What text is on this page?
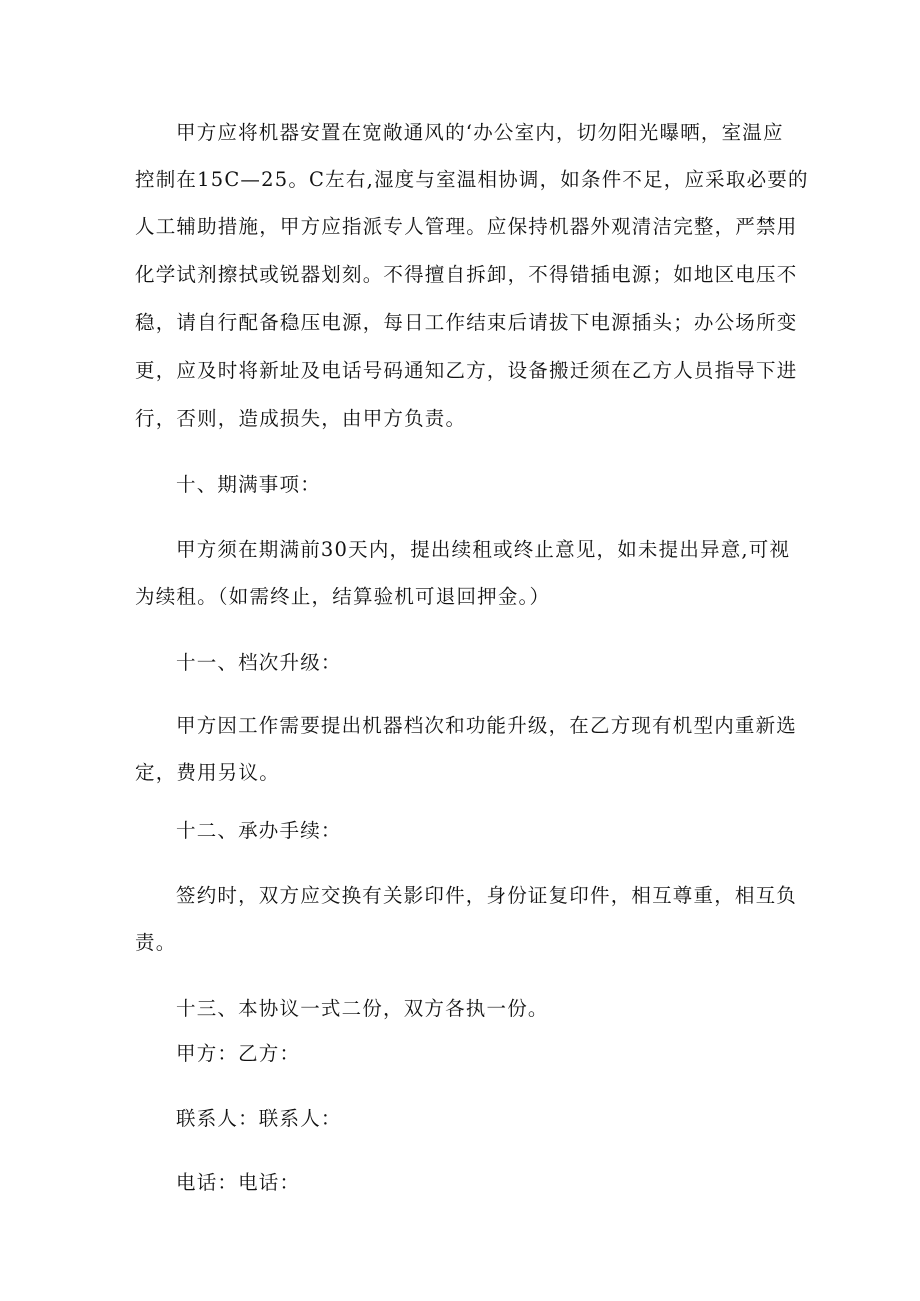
甲方应将机器安置在宽敞通风的‘办公室内，切勿阳光曝晒，室温应
控制在15C—25。C左右,湿度与室温相协调，如条件不足，应采取必要的
人工辅助措施，甲方应指派专人管理。应保持机器外观清洁完整，严禁用
化学试剂擦拭或锐器划刻。不得擅自拆卸，不得错插电源；如地区电压不
稳，请自行配备稳压电源，每日工作结束后请拔下电源插头；办公场所变
更，应及时将新址及电话号码通知乙方，设备搬迁须在乙方人员指导下进
行，否则，造成损失，由甲方负责。
十、期满事项：
甲方须在期满前30天内，提出续租或终止意见，如未提出异意,可视
为续租。（如需终止，结算验机可退回押金。）
十一、档次升级：
甲方因工作需要提出机器档次和功能升级，在乙方现有机型内重新选
定，费用另议。
十二、承办手续：
签约时，双方应交换有关影印件，身份证复印件，相互尊重，相互负
责。
十三、本协议一式二份，双方各执一份。
甲方：乙方：
联系人：联系人：
电话：电话：
